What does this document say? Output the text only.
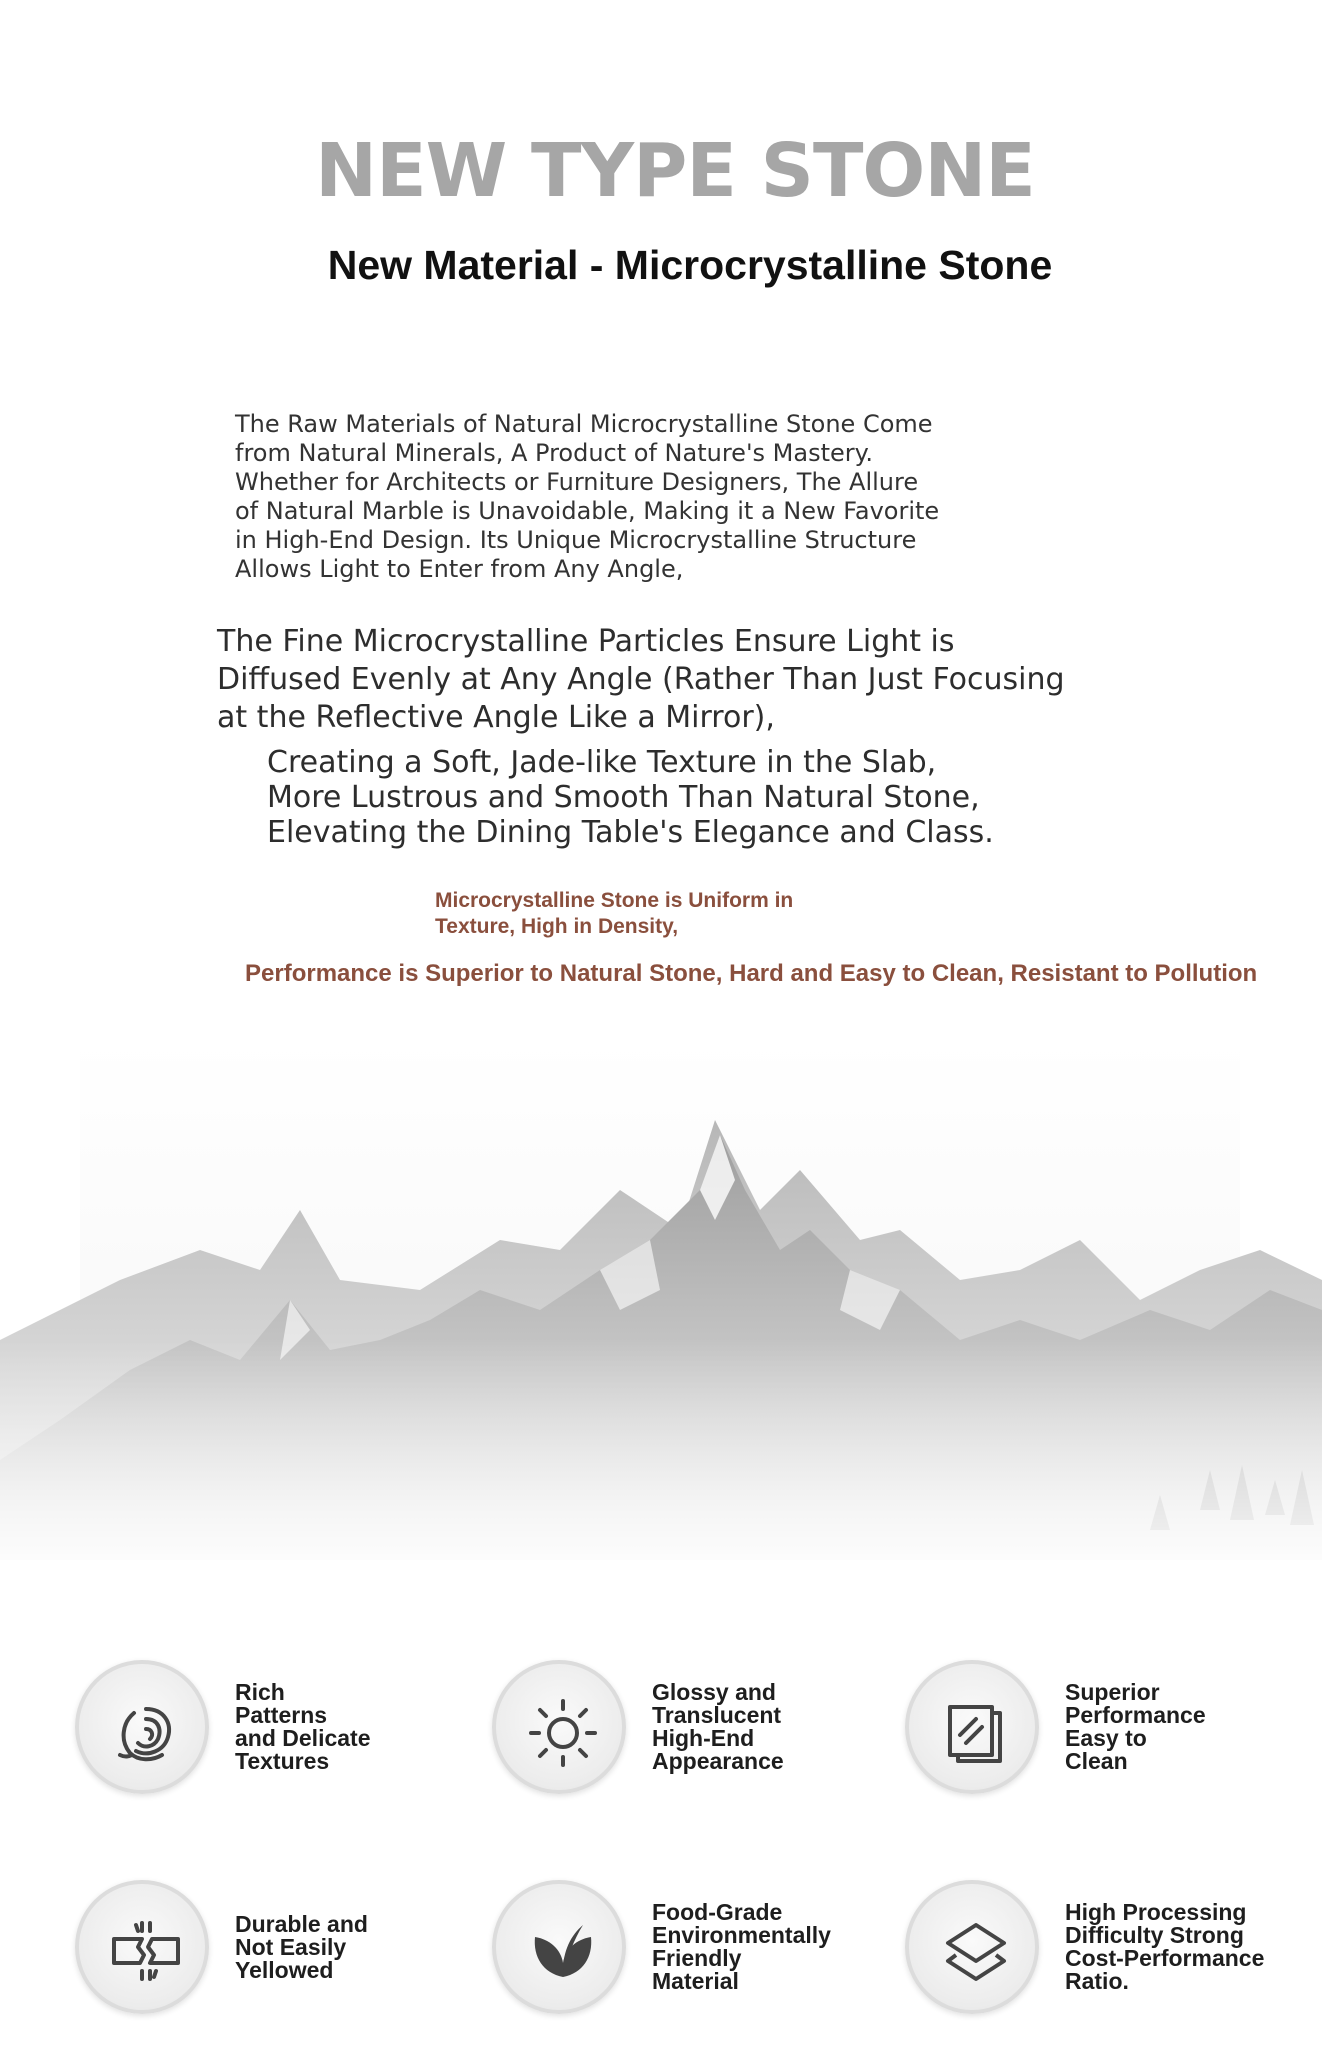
NEW TYPE STONE
New Material - Microcrystalline Stone

The Raw Materials of Natural Microcrystalline Stone Come
from Natural Minerals, A Product of Nature's Mastery.
Whether for Architects or Furniture Designers, The Allure
of Natural Marble is Unavoidable, Making it a New Favorite
in High-End Design. Its Unique Microcrystalline Structure
Allows Light to Enter from Any Angle,

The Fine Microcrystalline Particles Ensure Light is
Diffused Evenly at Any Angle (Rather Than Just Focusing
at the Reflective Angle Like a Mirror),

Creating a Soft, Jade-like Texture in the Slab,
More Lustrous and Smooth Than Natural Stone,
Elevating the Dining Table's Elegance and Class.

Microcrystalline Stone is Uniform in
Texture, High in Density,

Performance is Superior to Natural Stone, Hard and Easy to Clean, Resistant to Pollution

Rich
Patterns
and Delicate
Textures
Glossy and
Translucent
High-End
Appearance
Superior
Performance
Easy to
Clean
Durable and
Not Easily
Yellowed
Food-Grade
Environmentally
Friendly
Material
High Processing
Difficulty Strong
Cost-Performance
Ratio.
